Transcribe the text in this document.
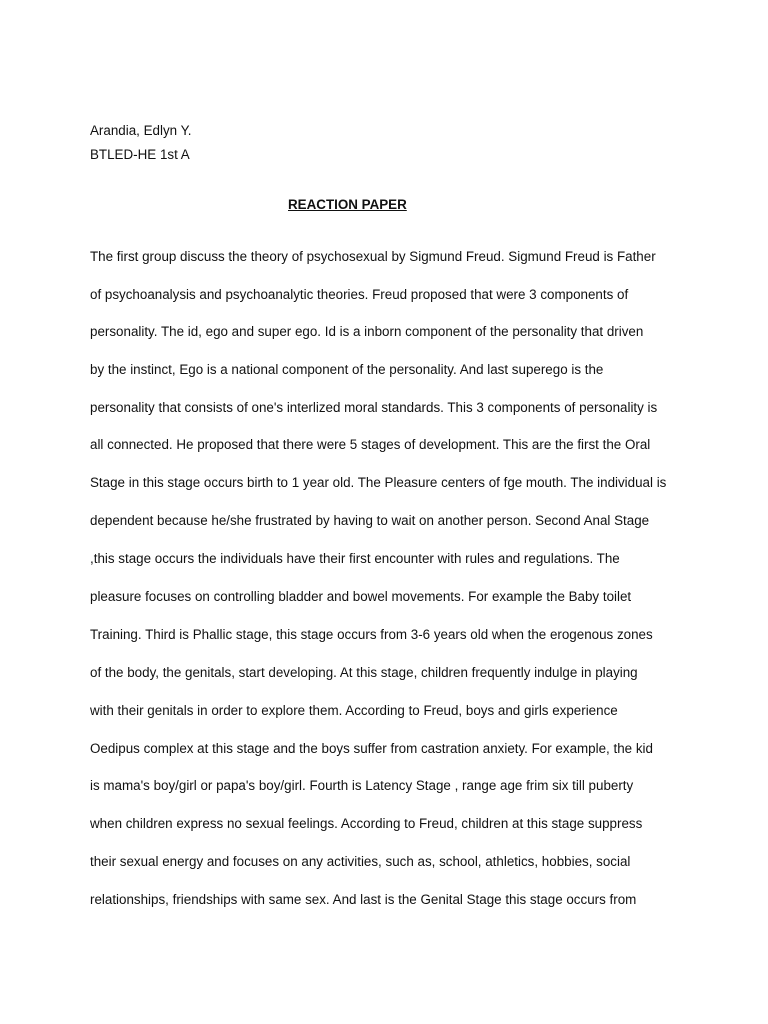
Arandia, Edlyn Y.
BTLED-HE 1st A
REACTION PAPER
The first group discuss the theory of psychosexual by Sigmund Freud. Sigmund Freud is Father
of psychoanalysis and psychoanalytic theories. Freud proposed that were 3 components of
personality. The id, ego and super ego. Id is a inborn component of the personality that driven
by the instinct, Ego is a national component of the personality. And last superego is the
personality that consists of one's interlized moral standards. This 3 components of personality is
all connected. He proposed that there were 5 stages of development. This are the first the Oral
Stage in this stage occurs birth to 1 year old. The Pleasure centers of fge mouth. The individual is
dependent because he/she frustrated by having to wait on another person. Second Anal Stage
,this stage occurs the individuals have their first encounter with rules and regulations. The
pleasure focuses on controlling bladder and bowel movements. For example the Baby toilet
Training. Third is Phallic stage, this stage occurs from 3-6 years old when the erogenous zones
of the body, the genitals, start developing. At this stage, children frequently indulge in playing
with their genitals in order to explore them. According to Freud, boys and girls experience
Oedipus complex at this stage and the boys suffer from castration anxiety. For example, the kid
is mama's boy/girl or papa's boy/girl. Fourth is Latency Stage , range age frim six till puberty
when children express no sexual feelings. According to Freud, children at this stage suppress
their sexual energy and focuses on any activities, such as, school, athletics, hobbies, social
relationships, friendships with same sex. And last is the Genital Stage this stage occurs from
